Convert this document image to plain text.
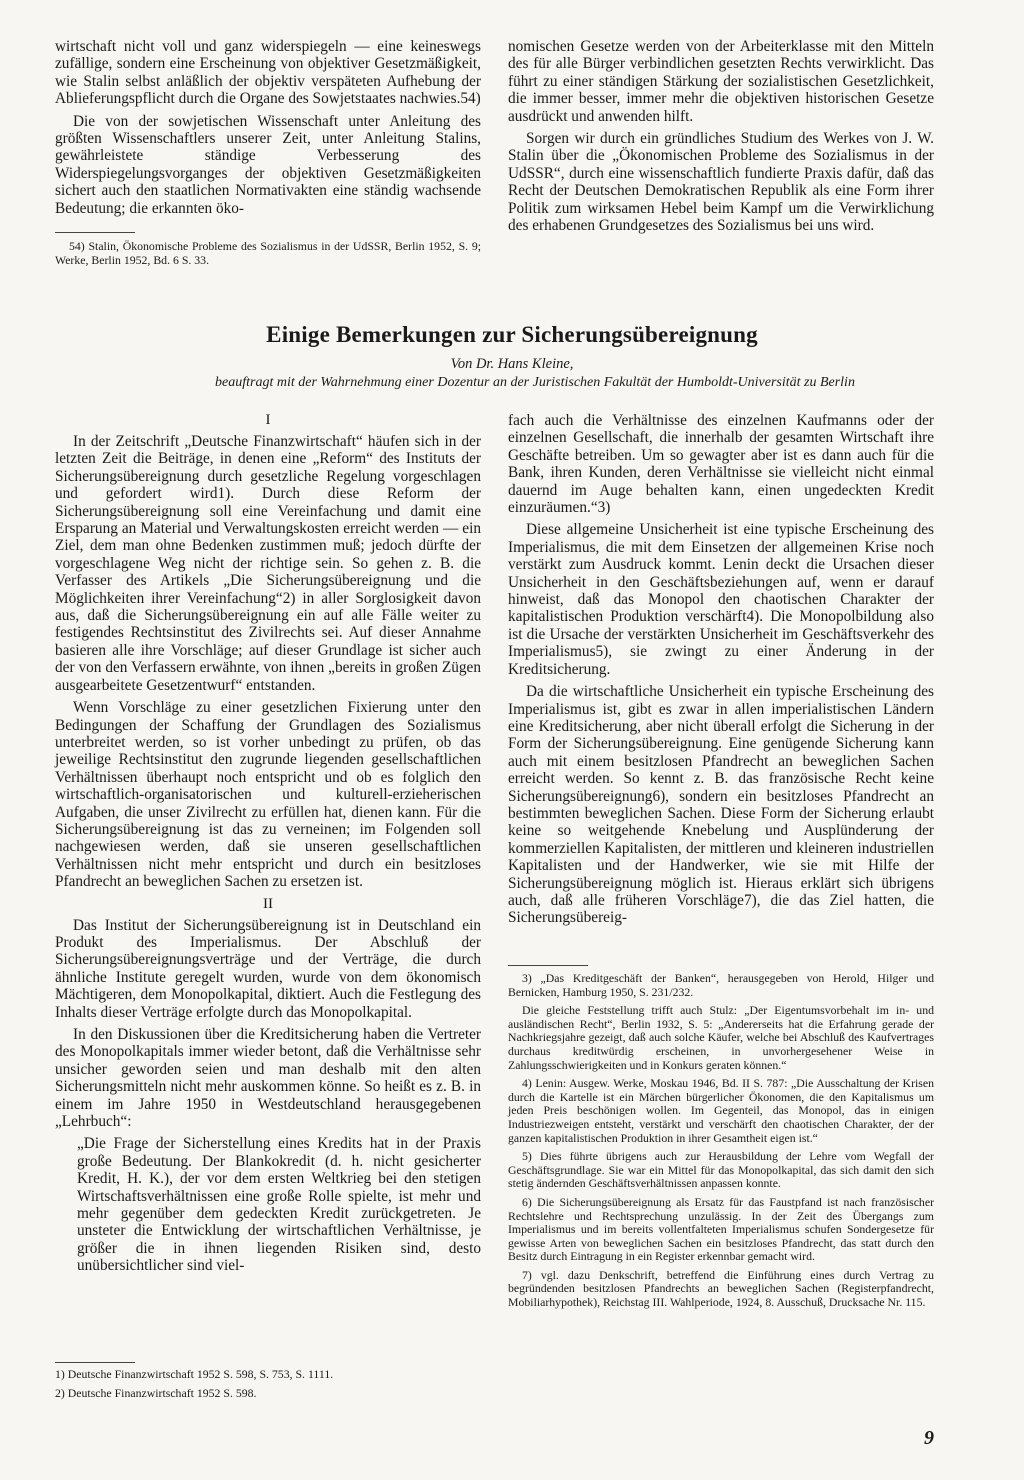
wirtschaft nicht voll und ganz widerspiegeln — eine keineswegs zufällige, sondern eine Erscheinung von objektiver Gesetzmäßigkeit, wie Stalin selbst anläßlich der objektiv verspäteten Aufhebung der Ablieferungspflicht durch die Organe des Sowjetstaates nachwies.54)

Die von der sowjetischen Wissenschaft unter Anleitung des größten Wissenschaftlers unserer Zeit, unter Anleitung Stalins, gewährleistete ständige Verbesserung des Widerspiegelungsvorganges der objektiven Gesetzmäßigkeiten sichert auch den staatlichen Normativakten eine ständig wachsende Bedeutung; die erkannten öko-

54) Stalin, Ökonomische Probleme des Sozialismus in der UdSSR, Berlin 1952, S. 9; Werke, Berlin 1952, Bd. 6 S. 33.

nomischen Gesetze werden von der Arbeiterklasse mit den Mitteln des für alle Bürger verbindlichen gesetzten Rechts verwirklicht. Das führt zu einer ständigen Stärkung der sozialistischen Gesetzlichkeit, die immer besser, immer mehr die objektiven historischen Gesetze ausdrückt und anwenden hilft.

Sorgen wir durch ein gründliches Studium des Werkes von J. W. Stalin über die „Ökonomischen Probleme des Sozialismus in der UdSSR“, durch eine wissenschaftlich fundierte Praxis dafür, daß das Recht der Deutschen Demokratischen Republik als eine Form ihrer Politik zum wirksamen Hebel beim Kampf um die Verwirklichung des erhabenen Grundgesetzes des Sozialismus bei uns wird.

Einige Bemerkungen zur Sicherungsübereignung
Von Dr. Hans Kleine,
beauftragt mit der Wahrnehmung einer Dozentur an der Juristischen Fakultät der Humboldt-Universität zu Berlin
I

In der Zeitschrift „Deutsche Finanzwirtschaft“ häufen sich in der letzten Zeit die Beiträge, in denen eine „Reform“ des Instituts der Sicherungsübereignung durch gesetzliche Regelung vorgeschlagen und gefordert wird1). Durch diese Reform der Sicherungsübereignung soll eine Vereinfachung und damit eine Ersparung an Material und Verwaltungskosten erreicht werden — ein Ziel, dem man ohne Bedenken zustimmen muß; jedoch dürfte der vorgeschlagene Weg nicht der richtige sein. So gehen z. B. die Verfasser des Artikels „Die Sicherungsübereignung und die Möglichkeiten ihrer Vereinfachung“2) in aller Sorglosigkeit davon aus, daß die Sicherungsübereignung ein auf alle Fälle weiter zu festigendes Rechtsinstitut des Zivilrechts sei. Auf dieser Annahme basieren alle ihre Vorschläge; auf dieser Grundlage ist sicher auch der von den Verfassern erwähnte, von ihnen „bereits in großen Zügen ausgearbeitete Gesetzentwurf“ entstanden.

Wenn Vorschläge zu einer gesetzlichen Fixierung unter den Bedingungen der Schaffung der Grundlagen des Sozialismus unterbreitet werden, so ist vorher unbedingt zu prüfen, ob das jeweilige Rechtsinstitut den zugrunde liegenden gesellschaftlichen Verhältnissen überhaupt noch entspricht und ob es folglich den wirtschaftlich-organisatorischen und kulturell-erzieherischen Aufgaben, die unser Zivilrecht zu erfüllen hat, dienen kann. Für die Sicherungsübereignung ist das zu verneinen; im Folgenden soll nachgewiesen werden, daß sie unseren gesellschaftlichen Verhältnissen nicht mehr entspricht und durch ein besitzloses Pfandrecht an beweglichen Sachen zu ersetzen ist.

II

Das Institut der Sicherungsübereignung ist in Deutschland ein Produkt des Imperialismus. Der Abschluß der Sicherungsübereignungsverträge und der Verträge, die durch ähnliche Institute geregelt wurden, wurde von dem ökonomisch Mächtigeren, dem Monopolkapital, diktiert. Auch die Festlegung des Inhalts dieser Verträge erfolgte durch das Monopolkapital.

In den Diskussionen über die Kreditsicherung haben die Vertreter des Monopolkapitals immer wieder betont, daß die Verhältnisse sehr unsicher geworden seien und man deshalb mit den alten Sicherungsmitteln nicht mehr auskommen könne. So heißt es z. B. in einem im Jahre 1950 in Westdeutschland herausgegebenen „Lehrbuch“:

„Die Frage der Sicherstellung eines Kredits hat in der Praxis große Bedeutung. Der Blankokredit (d. h. nicht gesicherter Kredit, H. K.), der vor dem ersten Weltkrieg bei den stetigen Wirtschaftsverhältnissen eine große Rolle spielte, ist mehr und mehr gegenüber dem gedeckten Kredit zurückgetreten. Je unsteter die Entwicklung der wirtschaftlichen Verhältnisse, je größer die in ihnen liegenden Risiken sind, desto unübersichtlicher sind viel-

1) Deutsche Finanzwirtschaft 1952 S. 598, S. 753, S. 1111.

2) Deutsche Finanzwirtschaft 1952 S. 598.

fach auch die Verhältnisse des einzelnen Kaufmanns oder der einzelnen Gesellschaft, die innerhalb der gesamten Wirtschaft ihre Geschäfte betreiben. Um so gewagter aber ist es dann auch für die Bank, ihren Kunden, deren Verhältnisse sie vielleicht nicht einmal dauernd im Auge behalten kann, einen ungedeckten Kredit einzuräumen.“3)

Diese allgemeine Unsicherheit ist eine typische Erscheinung des Imperialismus, die mit dem Einsetzen der allgemeinen Krise noch verstärkt zum Ausdruck kommt. Lenin deckt die Ursachen dieser Unsicherheit in den Geschäftsbeziehungen auf, wenn er darauf hinweist, daß das Monopol den chaotischen Charakter der kapitalistischen Produktion verschärft4). Die Monopolbildung also ist die Ursache der verstärkten Unsicherheit im Geschäftsverkehr des Imperialismus5), sie zwingt zu einer Änderung in der Kreditsicherung.

Da die wirtschaftliche Unsicherheit ein typische Erscheinung des Imperialismus ist, gibt es zwar in allen imperialistischen Ländern eine Kreditsicherung, aber nicht überall erfolgt die Sicherung in der Form der Sicherungsübereignung. Eine genügende Sicherung kann auch mit einem besitzlosen Pfandrecht an beweglichen Sachen erreicht werden. So kennt z. B. das französische Recht keine Sicherungsübereignung6), sondern ein besitzloses Pfandrecht an bestimmten beweglichen Sachen. Diese Form der Sicherung erlaubt keine so weitgehende Knebelung und Ausplünderung der kommerziellen Kapitalisten, der mittleren und kleineren industriellen Kapitalisten und der Handwerker, wie sie mit Hilfe der Sicherungsübereignung möglich ist. Hieraus erklärt sich übrigens auch, daß alle früheren Vorschläge7), die das Ziel hatten, die Sicherungsübereig-

3) „Das Kreditgeschäft der Banken“, herausgegeben von Herold, Hilger und Bernicken, Hamburg 1950, S. 231/232.

Die gleiche Feststellung trifft auch Stulz: „Der Eigentumsvorbehalt im in- und ausländischen Recht“, Berlin 1932, S. 5: „Andererseits hat die Erfahrung gerade der Nachkriegsjahre gezeigt, daß auch solche Käufer, welche bei Abschluß des Kaufvertrages durchaus kreditwürdig erscheinen, in unvorhergesehener Weise in Zahlungsschwierigkeiten und in Konkurs geraten können.“

4) Lenin: Ausgew. Werke, Moskau 1946, Bd. II S. 787: „Die Ausschaltung der Krisen durch die Kartelle ist ein Märchen bürgerlicher Ökonomen, die den Kapitalismus um jeden Preis beschönigen wollen. Im Gegenteil, das Monopol, das in einigen Industriezweigen entsteht, verstärkt und verschärft den chaotischen Charakter, der der ganzen kapitalistischen Produktion in ihrer Gesamtheit eigen ist.“

5) Dies führte übrigens auch zur Herausbildung der Lehre vom Wegfall der Geschäftsgrundlage. Sie war ein Mittel für das Monopolkapital, das sich damit den sich stetig ändernden Geschäftsverhältnissen anpassen konnte.

6) Die Sicherungsübereignung als Ersatz für das Faustpfand ist nach französischer Rechtslehre und Rechtsprechung unzulässig. In der Zeit des Übergangs zum Imperialismus und im bereits vollentfalteten Imperialismus schufen Sondergesetze für gewisse Arten von beweglichen Sachen ein besitzloses Pfandrecht, das statt durch den Besitz durch Eintragung in ein Register erkennbar gemacht wird.

7) vgl. dazu Denkschrift, betreffend die Einführung eines durch Vertrag zu begründenden besitzlosen Pfandrechts an beweglichen Sachen (Registerpfandrecht, Mobiliarhypothek), Reichstag III. Wahlperiode, 1924, 8. Ausschuß, Drucksache Nr. 115.

9
